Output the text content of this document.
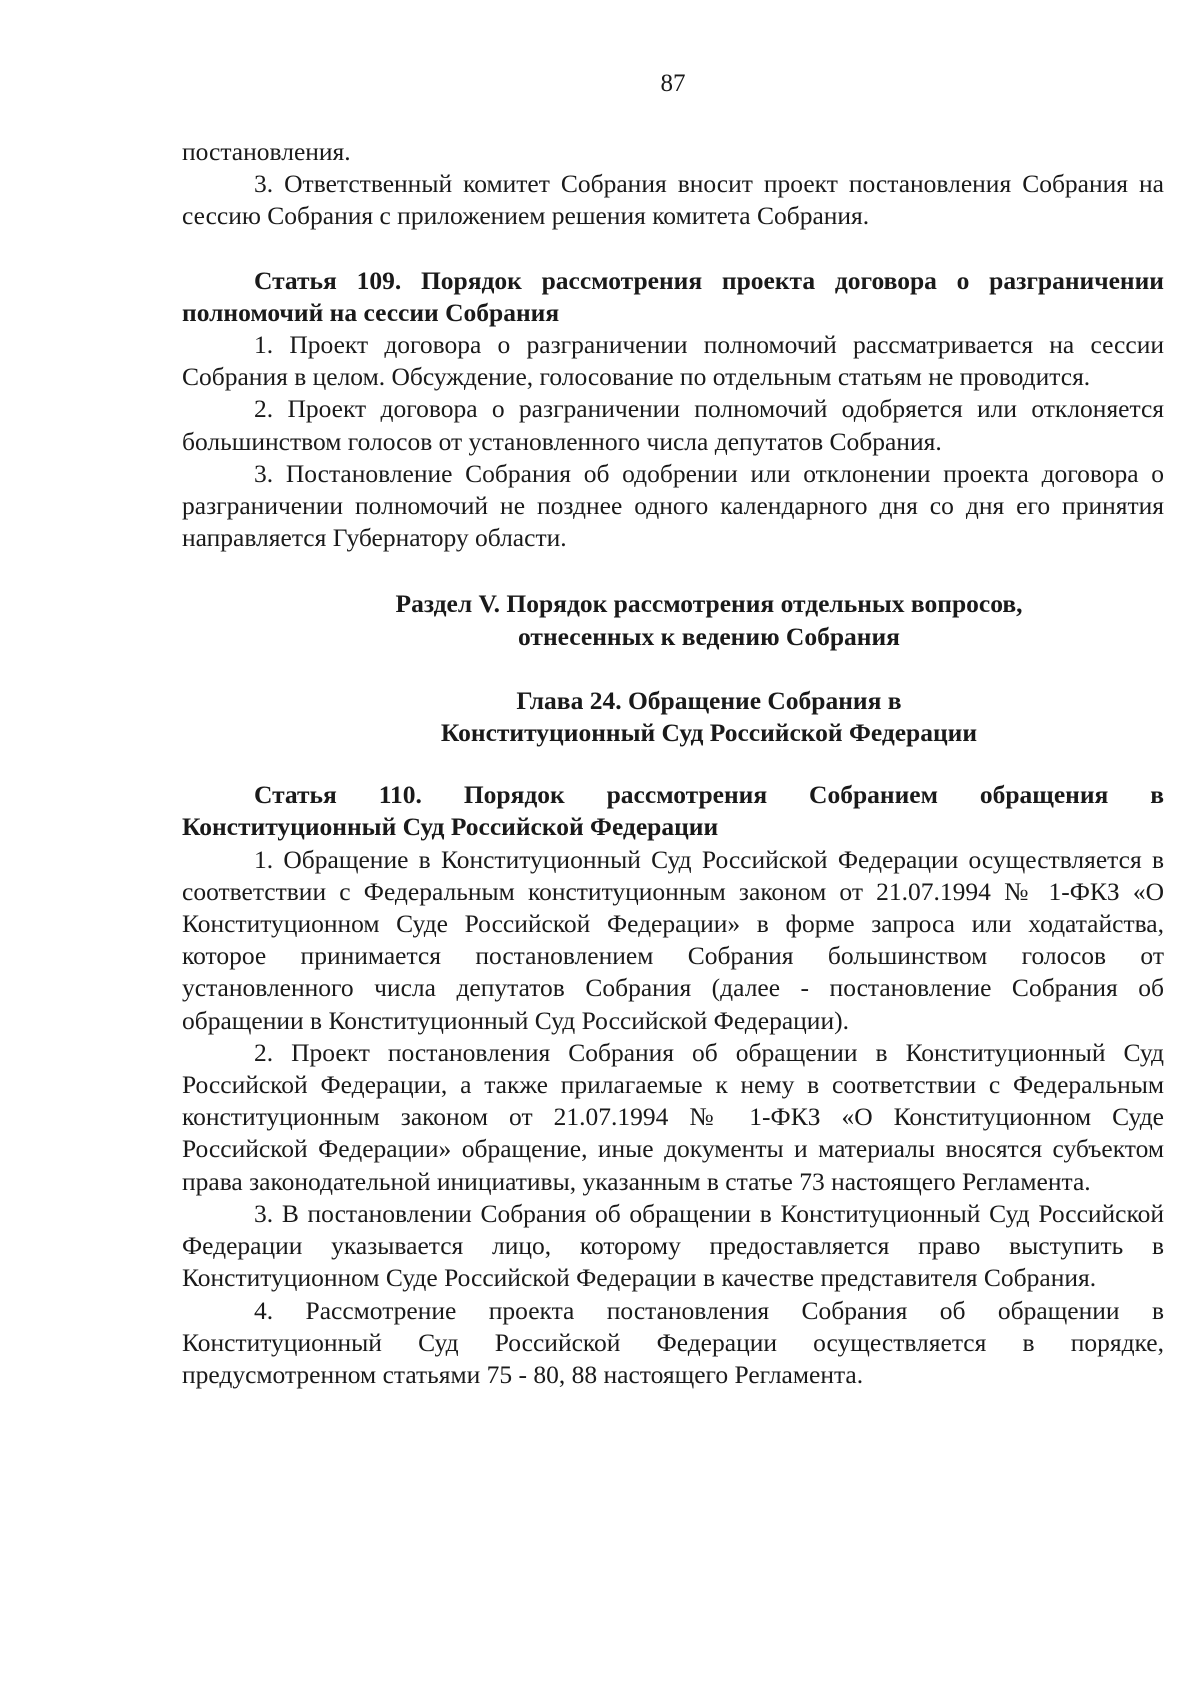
87

постановления.

3. Ответственный комитет Собрания вносит проект постановления Собрания на сессию Собрания с приложением решения комитета Собрания.

Статья 109. Порядок рассмотрения проекта договора о разграничении полномочий на сессии Собрания

1. Проект договора о разграничении полномочий рассматривается на сессии Собрания в целом. Обсуждение, голосование по отдельным статьям не проводится.

2. Проект договора о разграничении полномочий одобряется или отклоняется большинством голосов от установленного числа депутатов Собрания.

3. Постановление Собрания об одобрении или отклонении проекта договора о разграничении полномочий не позднее одного календарного дня со дня его принятия направляется Губернатору области.

Раздел V. Порядок рассмотрения отдельных вопросов,
отнесенных к ведению Собрания
Глава 24. Обращение Собрания в
Конституционный Суд Российской Федерации

Статья 110. Порядок рассмотрения Собранием обращения в Конституционный Суд Российской Федерации

1. Обращение в Конституционный Суд Российской Федерации осуществляется в соответствии с Федеральным конституционным законом от 21.07.1994 № 1-ФКЗ «О Конституционном Суде Российской Федерации» в форме запроса или ходатайства, которое принимается постановлением Собрания большинством голосов от установленного числа депутатов Собрания (далее - постановление Собрания об обращении в Конституционный Суд Российской Федерации).

2. Проект постановления Собрания об обращении в Конституционный Суд Российской Федерации, а также прилагаемые к нему в соответствии с Федеральным конституционным законом от 21.07.1994 № 1-ФКЗ «О Конституционном Суде Российской Федерации» обращение, иные документы и материалы вносятся субъектом права законодательной инициативы, указанным в статье 73 настоящего Регламента.

3. В постановлении Собрания об обращении в Конституционный Суд Российской Федерации указывается лицо, которому предоставляется право выступить в Конституционном Суде Российской Федерации в качестве представителя Собрания.

4. Рассмотрение проекта постановления Собрания об обращении в Конституционный Суд Российской Федерации осуществляется в порядке, предусмотренном статьями 75 - 80, 88 настоящего Регламента.
